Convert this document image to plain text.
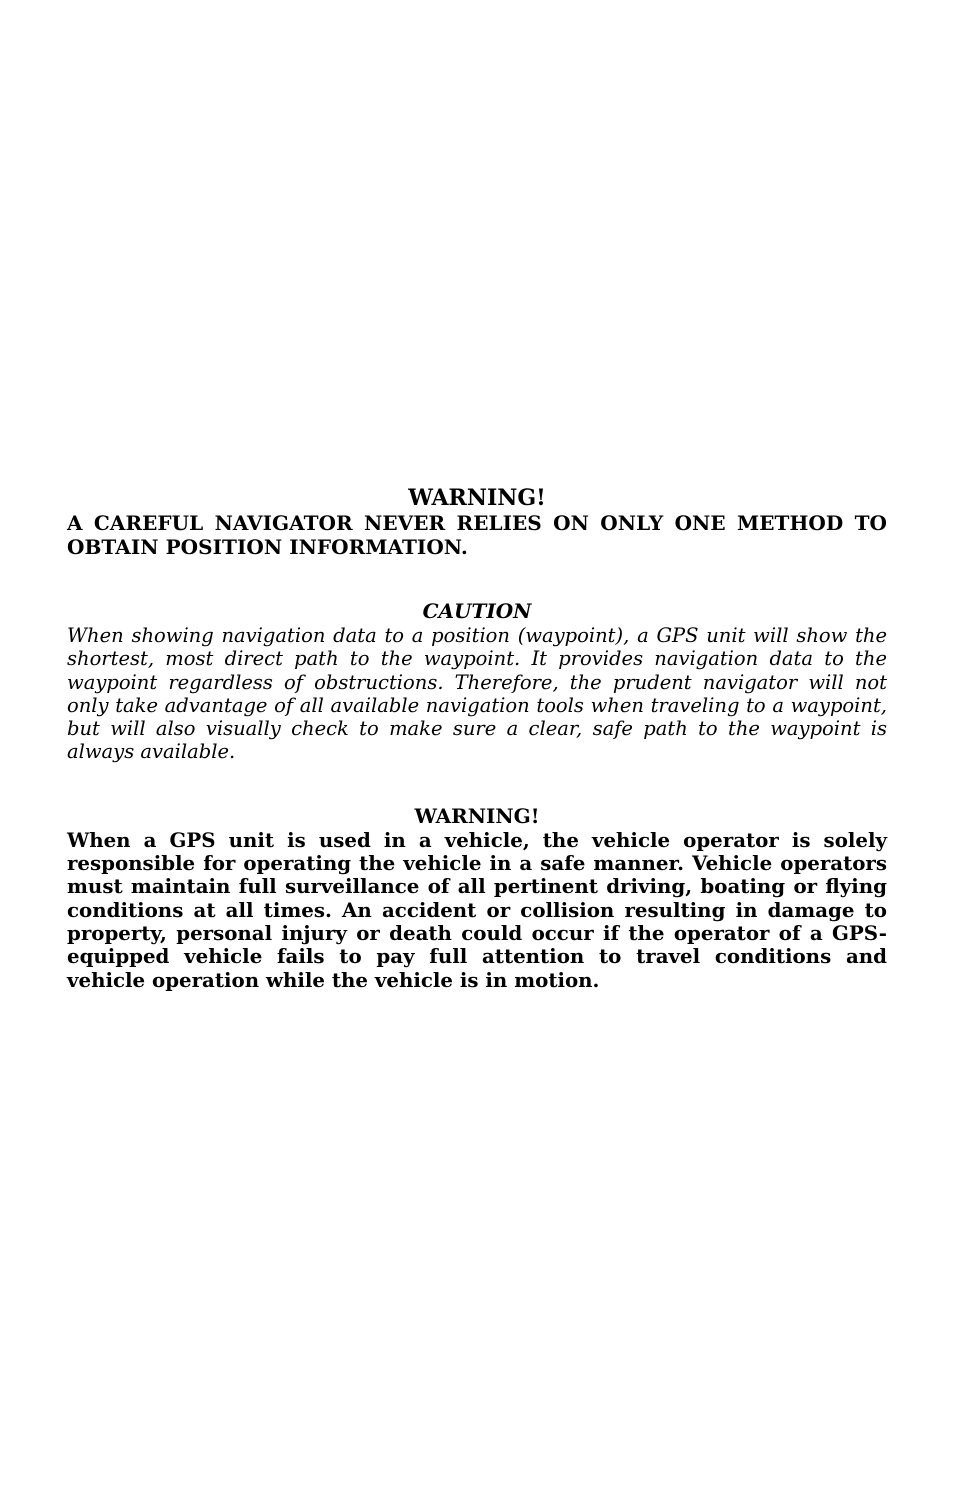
WARNING!

A CAREFUL NAVIGATOR NEVER RELIES ON ONLY ONE METHOD TO OBTAIN POSITION INFORMATION.

CAUTION

When showing navigation data to a position (waypoint), a GPS unit will show the shortest, most direct path to the waypoint. It provides navigation data to the waypoint regardless of obstructions. Therefore, the prudent navigator will not only take advantage of all available navigation tools when traveling to a waypoint, but will also visually check to make sure a clear, safe path to the waypoint is always available.

WARNING!

When a GPS unit is used in a vehicle, the vehicle operator is solely responsible for operating the vehicle in a safe manner. Vehicle operators must maintain full surveillance of all pertinent driving, boating or flying conditions at all times. An accident or collision resulting in damage to property, personal injury or death could occur if the operator of a GPS-equipped vehicle fails to pay full attention to travel conditions and vehicle operation while the vehicle is in motion.
